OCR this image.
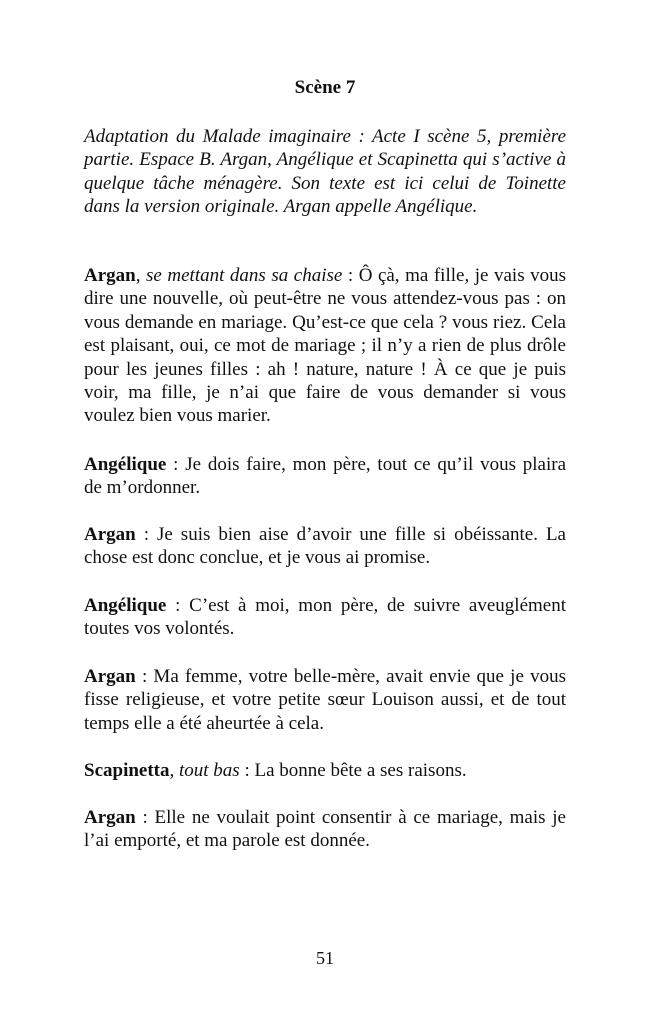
Scène 7

Adaptation du Malade imaginaire : Acte I scène 5, première partie. Espace B. Argan, Angélique et Scapinetta qui s’active à quelque tâche ménagère. Son texte est ici celui de Toinette dans la version originale. Argan appelle Angélique.

Argan, se mettant dans sa chaise : Ô çà, ma fille, je vais vous dire une nouvelle, où peut-être ne vous attendez-vous pas : on vous demande en mariage. Qu’est-ce que cela ? vous riez. Cela est plaisant, oui, ce mot de mariage ; il n’y a rien de plus drôle pour les jeunes filles : ah ! nature, nature ! À ce que je puis voir, ma fille, je n’ai que faire de vous demander si vous voulez bien vous marier.

Angélique : Je dois faire, mon père, tout ce qu’il vous plaira de m’ordonner.

Argan : Je suis bien aise d’avoir une fille si obéissante. La chose est donc conclue, et je vous ai promise.

Angélique : C’est à moi, mon père, de suivre aveuglément toutes vos volontés.

Argan : Ma femme, votre belle-mère, avait envie que je vous fisse religieuse, et votre petite sœur Louison aussi, et de tout temps elle a été aheurtée à cela.

Scapinetta, tout bas : La bonne bête a ses raisons.

Argan : Elle ne voulait point consentir à ce mariage, mais je l’ai emporté, et ma parole est donnée.

51
